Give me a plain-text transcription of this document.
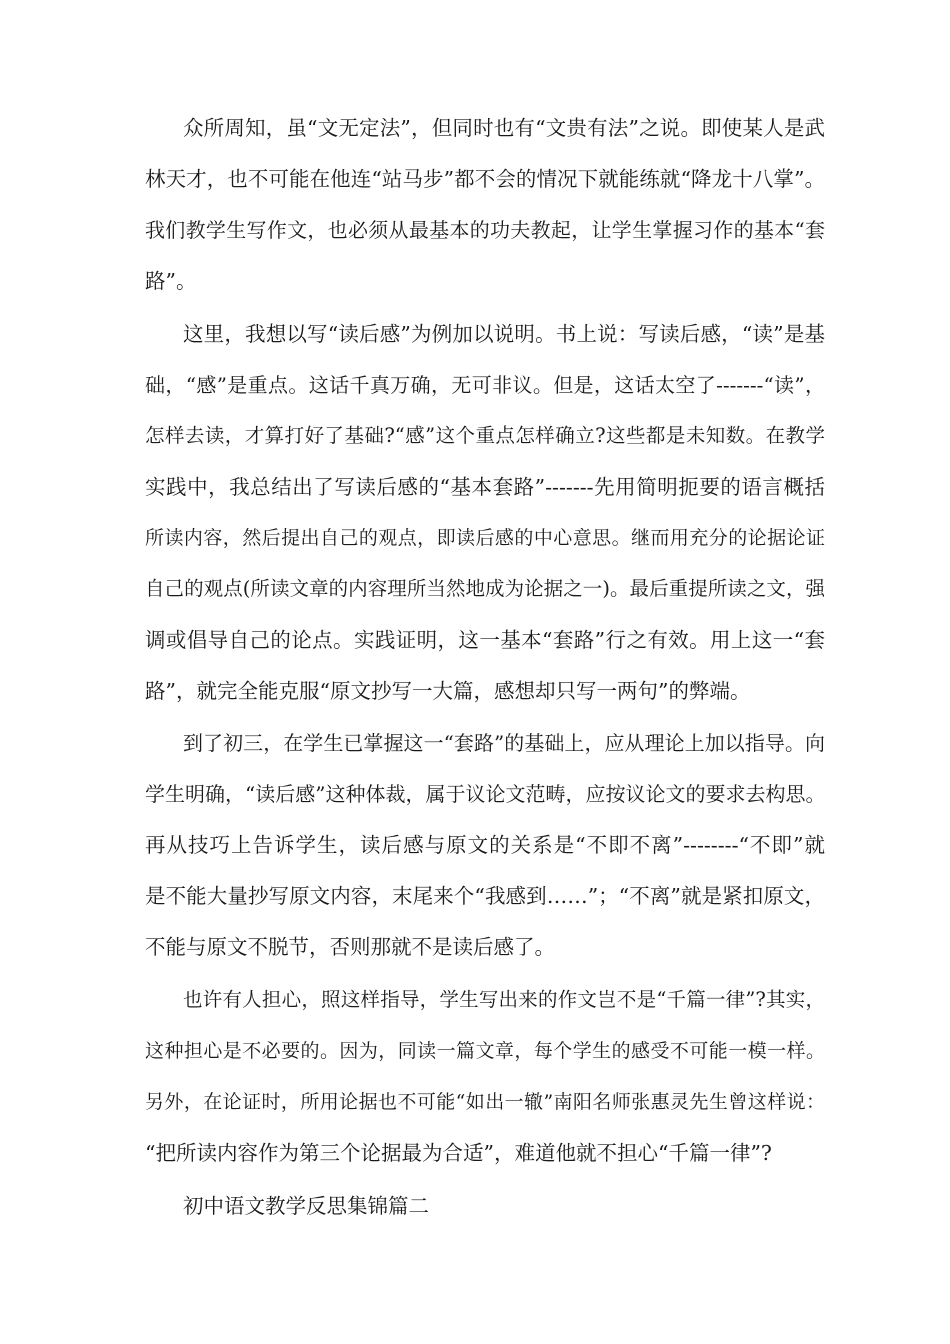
众所周知，虽“文无定法”，但同时也有“文贵有法”之说。即使某人是武
林天才，也不可能在他连“站马步”都不会的情况下就能练就“降龙十八掌”。
我们教学生写作文，也必须从最基本的功夫教起，让学生掌握习作的基本“套
路”。
这里，我想以写“读后感”为例加以说明。书上说：写读后感，“读”是基
础，“感”是重点。这话千真万确，无可非议。但是，这话太空了-------“读”，
怎样去读，才算打好了基础?“感”这个重点怎样确立?这些都是未知数。在教学
实践中，我总结出了写读后感的“基本套路”-------先用简明扼要的语言概括
所读内容，然后提出自己的观点，即读后感的中心意思。继而用充分的论据论证
自己的观点(所读文章的内容理所当然地成为论据之一)。最后重提所读之文，强
调或倡导自己的论点。实践证明，这一基本“套路”行之有效。用上这一“套
路”，就完全能克服“原文抄写一大篇，感想却只写一两句”的弊端。
到了初三，在学生已掌握这一“套路”的基础上，应从理论上加以指导。向
学生明确，“读后感”这种体裁，属于议论文范畴，应按议论文的要求去构思。
再从技巧上告诉学生，读后感与原文的关系是“不即不离”--------“不即”就
是不能大量抄写原文内容，末尾来个“我感到……”；“不离”就是紧扣原文，
不能与原文不脱节，否则那就不是读后感了。
也许有人担心，照这样指导，学生写出来的作文岂不是“千篇一律”?其实，
这种担心是不必要的。因为，同读一篇文章，每个学生的感受不可能一模一样。
另外，在论证时，所用论据也不可能“如出一辙”南阳名师张惠灵先生曾这样说：
“把所读内容作为第三个论据最为合适”，难道他就不担心“千篇一律”?
初中语文教学反思集锦篇二
